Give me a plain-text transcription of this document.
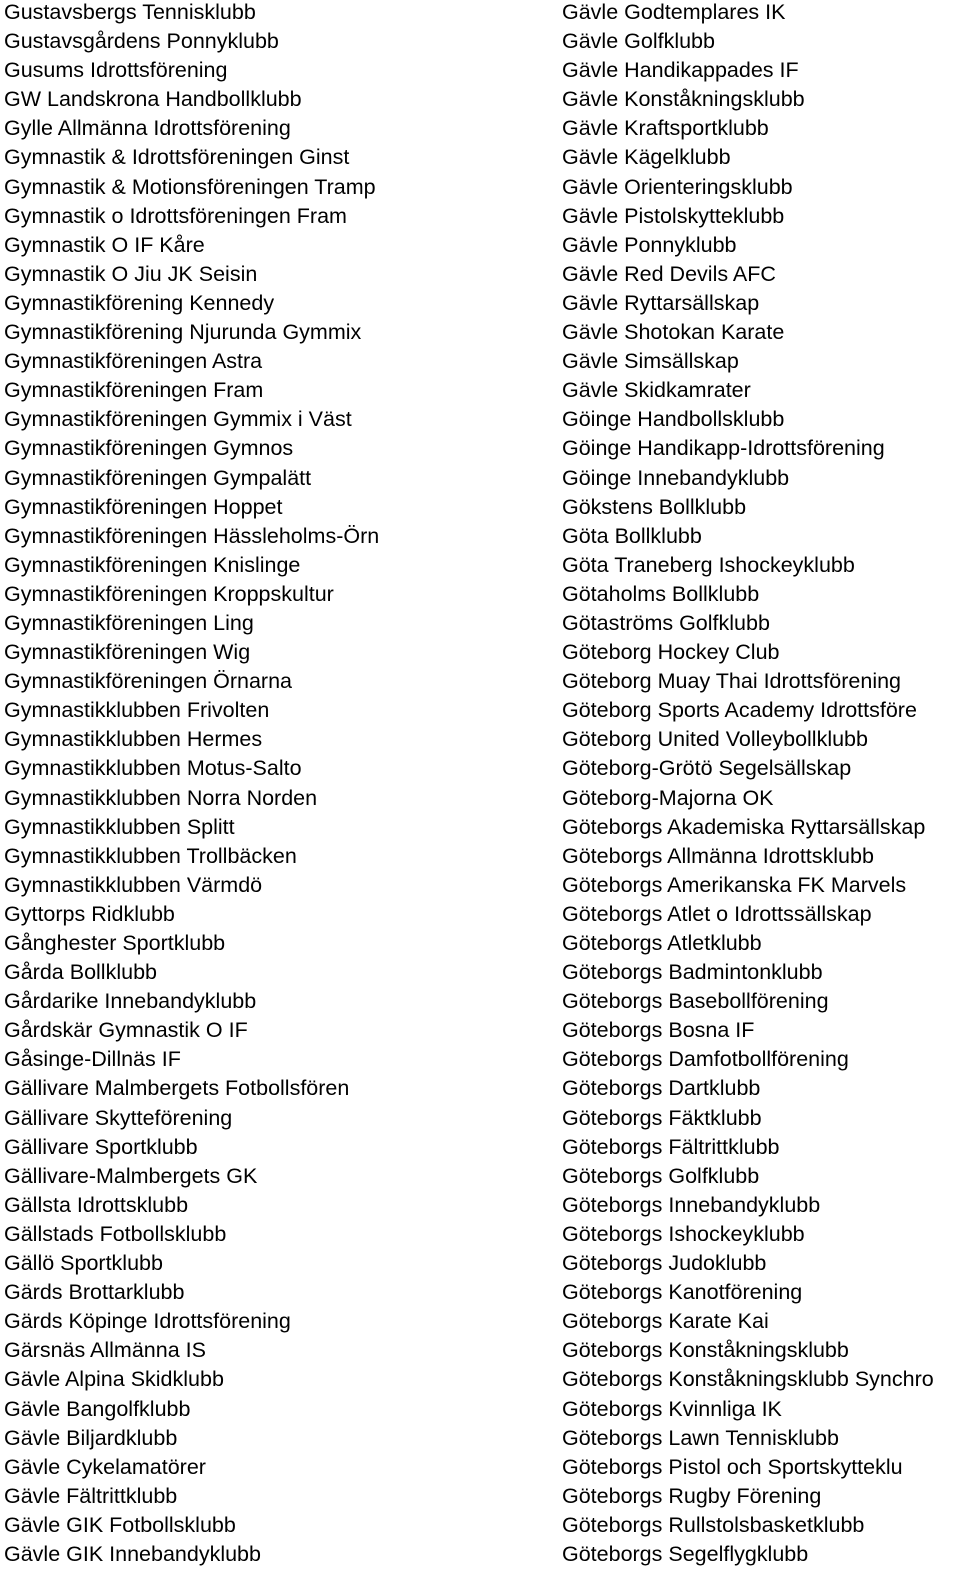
Gustavsbergs Tennisklubb
Gustavsgårdens Ponnyklubb
Gusums Idrottsförening
GW Landskrona Handbollklubb
Gylle Allmänna Idrottsförening
Gymnastik & Idrottsföreningen Ginst
Gymnastik & Motionsföreningen Tramp
Gymnastik o Idrottsföreningen Fram
Gymnastik O IF Kåre
Gymnastik O Jiu JK Seisin
Gymnastikförening Kennedy
Gymnastikförening Njurunda Gymmix
Gymnastikföreningen Astra
Gymnastikföreningen Fram
Gymnastikföreningen Gymmix i Väst
Gymnastikföreningen Gymnos
Gymnastikföreningen Gympalätt
Gymnastikföreningen Hoppet
Gymnastikföreningen Hässleholms-Örn
Gymnastikföreningen Knislinge
Gymnastikföreningen Kroppskultur
Gymnastikföreningen Ling
Gymnastikföreningen Wig
Gymnastikföreningen Örnarna
Gymnastikklubben Frivolten
Gymnastikklubben Hermes
Gymnastikklubben Motus-Salto
Gymnastikklubben Norra Norden
Gymnastikklubben Splitt
Gymnastikklubben Trollbäcken
Gymnastikklubben Värmdö
Gyttorps Ridklubb
Gånghester Sportklubb
Gårda Bollklubb
Gårdarike Innebandyklubb
Gårdskär Gymnastik O IF
Gåsinge-Dillnäs IF
Gällivare Malmbergets Fotbollsfören
Gällivare Skytteförening
Gällivare Sportklubb
Gällivare-Malmbergets GK
Gällsta Idrottsklubb
Gällstads Fotbollsklubb
Gällö Sportklubb
Gärds Brottarklubb
Gärds Köpinge Idrottsförening
Gärsnäs Allmänna IS
Gävle Alpina Skidklubb
Gävle Bangolfklubb
Gävle Biljardklubb
Gävle Cykelamatörer
Gävle Fältrittklubb
Gävle GIK Fotbollsklubb
Gävle GIK Innebandyklubb
Gävle Godtemplares IK
Gävle Golfklubb
Gävle Handikappades IF
Gävle Konståkningsklubb
Gävle Kraftsportklubb
Gävle Kägelklubb
Gävle Orienteringsklubb
Gävle Pistolskytteklubb
Gävle Ponnyklubb
Gävle Red Devils AFC
Gävle Ryttarsällskap
Gävle Shotokan Karate
Gävle Simsällskap
Gävle Skidkamrater
Göinge Handbollsklubb
Göinge Handikapp-Idrottsförening
Göinge Innebandyklubb
Gökstens Bollklubb
Göta Bollklubb
Göta Traneberg Ishockeyklubb
Götaholms Bollklubb
Götaströms Golfklubb
Göteborg Hockey Club
Göteborg Muay Thai Idrottsförening
Göteborg Sports Academy Idrottsföre
Göteborg United Volleybollklubb
Göteborg-Grötö Segelsällskap
Göteborg-Majorna OK
Göteborgs Akademiska Ryttarsällskap
Göteborgs Allmänna Idrottsklubb
Göteborgs Amerikanska FK Marvels
Göteborgs Atlet o Idrottssällskap
Göteborgs Atletklubb
Göteborgs Badmintonklubb
Göteborgs Basebollförening
Göteborgs Bosna IF
Göteborgs Damfotbollförening
Göteborgs Dartklubb
Göteborgs Fäktklubb
Göteborgs Fältrittklubb
Göteborgs Golfklubb
Göteborgs Innebandyklubb
Göteborgs Ishockeyklubb
Göteborgs Judoklubb
Göteborgs Kanotförening
Göteborgs Karate Kai
Göteborgs Konståkningsklubb
Göteborgs Konståkningsklubb Synchro
Göteborgs Kvinnliga IK
Göteborgs Lawn Tennisklubb
Göteborgs Pistol och Sportskytteklu
Göteborgs Rugby Förening
Göteborgs Rullstolsbasketklubb
Göteborgs Segelflygklubb
